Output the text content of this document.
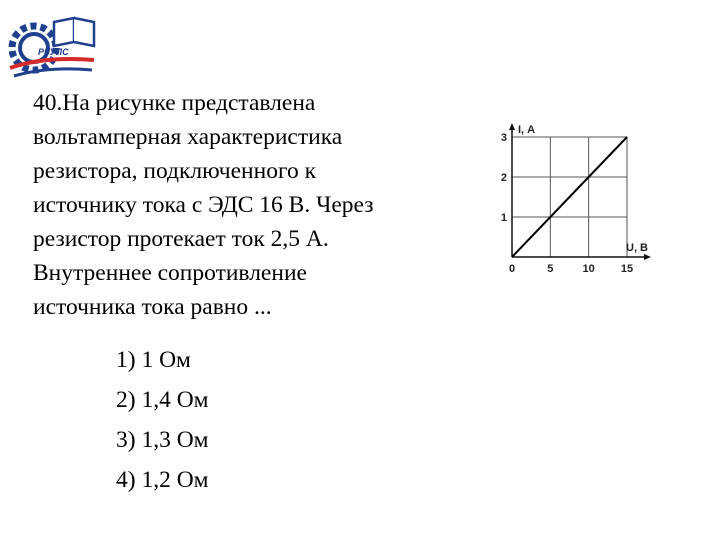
РГУПС

40.На рисунке представлена
вольтамперная характеристика
резистора, подключенного к
источнику тока с ЭДС 16 В. Через
резистор протекает ток 2,5 А.
Внутреннее сопротивление
источника тока равно ...

1) 1 Ом
2) 1,4 Ом
3) 1,3 Ом
4) 1,2 Ом
0	5	10 15
1
2
3
U, В
I, А
